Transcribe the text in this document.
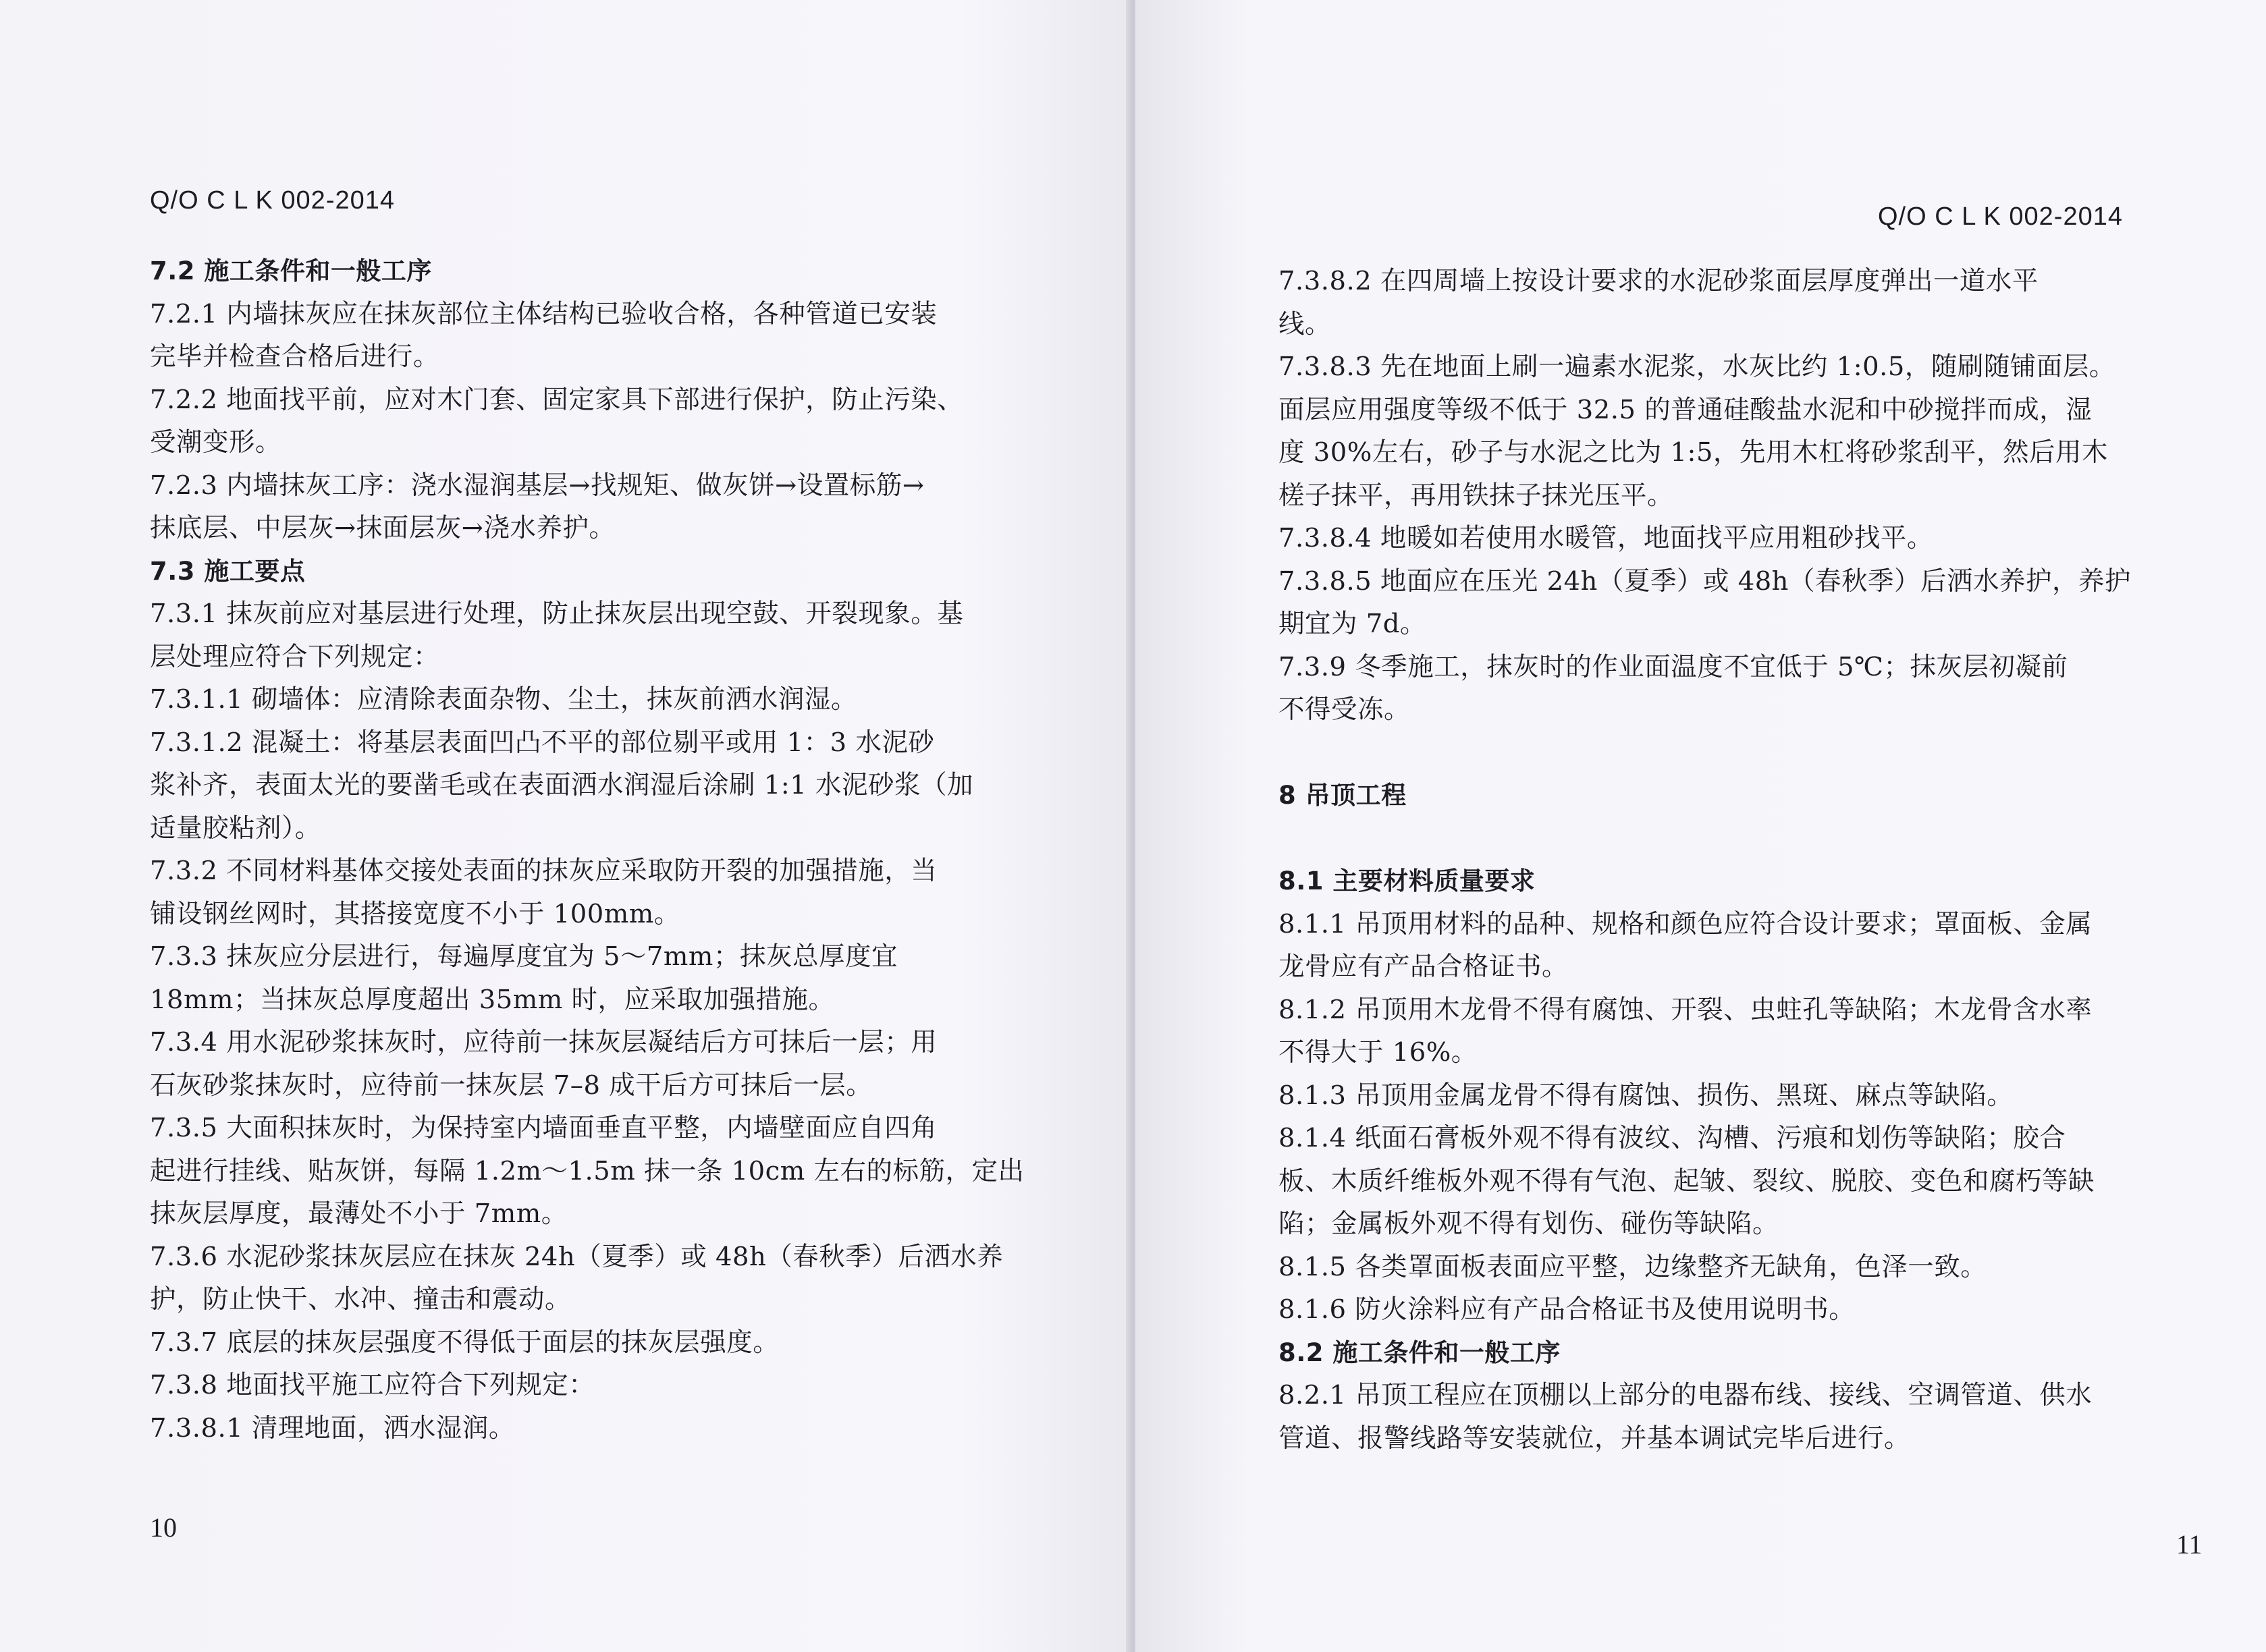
Q/O C L K 002-2014
7.2 施工条件和一般工序
7.2.1 内墙抹灰应在抹灰部位主体结构已验收合格，各种管道已安装
完毕并检查合格后进行。
7.2.2 地面找平前，应对木门套、固定家具下部进行保护，防止污染、
受潮变形。
7.2.3 内墙抹灰工序：浇水湿润基层→找规矩、做灰饼→设置标筋→
抹底层、中层灰→抹面层灰→浇水养护。
7.3 施工要点
7.3.1 抹灰前应对基层进行处理，防止抹灰层出现空鼓、开裂现象。基
层处理应符合下列规定：
7.3.1.1 砌墙体：应清除表面杂物、尘土，抹灰前洒水润湿。
7.3.1.2 混凝土：将基层表面凹凸不平的部位剔平或用 1：3 水泥砂
浆补齐，表面太光的要凿毛或在表面洒水润湿后涂刷 1:1 水泥砂浆（加
适量胶粘剂）。
7.3.2 不同材料基体交接处表面的抹灰应采取防开裂的加强措施，当
铺设钢丝网时，其搭接宽度不小于 100mm。
7.3.3 抹灰应分层进行，每遍厚度宜为 5～7mm；抹灰总厚度宜
18mm；当抹灰总厚度超出 35mm 时，应采取加强措施。
7.3.4 用水泥砂浆抹灰时，应待前一抹灰层凝结后方可抹后一层；用
石灰砂浆抹灰时，应待前一抹灰层 7–8 成干后方可抹后一层。
7.3.5 大面积抹灰时，为保持室内墙面垂直平整，内墙壁面应自四角
起进行挂线、贴灰饼，每隔 1.2m～1.5m 抹一条 10cm 左右的标筋，定出
抹灰层厚度，最薄处不小于 7mm。
7.3.6 水泥砂浆抹灰层应在抹灰 24h（夏季）或 48h（春秋季）后洒水养
护，防止快干、水冲、撞击和震动。
7.3.7 底层的抹灰层强度不得低于面层的抹灰层强度。
7.3.8 地面找平施工应符合下列规定：
7.3.8.1 清理地面，洒水湿润。
10
Q/O C L K 002-2014
7.3.8.2 在四周墙上按设计要求的水泥砂浆面层厚度弹出一道水平
线。
7.3.8.3 先在地面上刷一遍素水泥浆，水灰比约 1:0.5，随刷随铺面层。
面层应用强度等级不低于 32.5 的普通硅酸盐水泥和中砂搅拌而成，湿
度 30%左右，砂子与水泥之比为 1:5，先用木杠将砂浆刮平，然后用木
槎子抹平，再用铁抹子抹光压平。
7.3.8.4 地暖如若使用水暖管，地面找平应用粗砂找平。
7.3.8.5 地面应在压光 24h（夏季）或 48h（春秋季）后洒水养护，养护
期宜为 7d。
7.3.9 冬季施工，抹灰时的作业面温度不宜低于 5℃；抹灰层初凝前
不得受冻。
8 吊顶工程
8.1 主要材料质量要求
8.1.1 吊顶用材料的品种、规格和颜色应符合设计要求；罩面板、金属
龙骨应有产品合格证书。
8.1.2 吊顶用木龙骨不得有腐蚀、开裂、虫蛀孔等缺陷；木龙骨含水率
不得大于 16%。
8.1.3 吊顶用金属龙骨不得有腐蚀、损伤、黑斑、麻点等缺陷。
8.1.4 纸面石膏板外观不得有波纹、沟槽、污痕和划伤等缺陷；胶合
板、木质纤维板外观不得有气泡、起皱、裂纹、脱胶、变色和腐朽等缺
陷；金属板外观不得有划伤、碰伤等缺陷。
8.1.5 各类罩面板表面应平整，边缘整齐无缺角，色泽一致。
8.1.6 防火涂料应有产品合格证书及使用说明书。
8.2 施工条件和一般工序
8.2.1 吊顶工程应在顶棚以上部分的电器布线、接线、空调管道、供水
管道、报警线路等安装就位，并基本调试完毕后进行。
11
